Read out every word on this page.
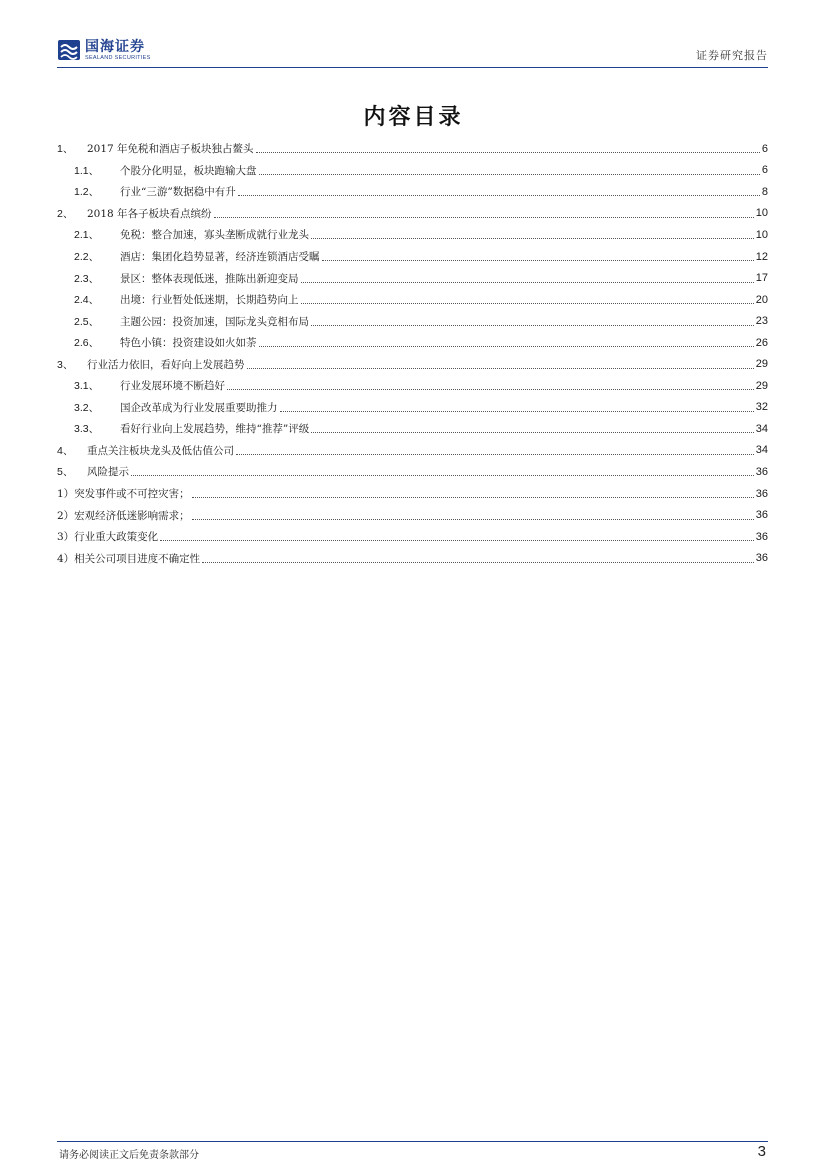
国海证券
SEALAND SECURITIES	证券研究报告
内容目录
1、	2017 年免税和酒店子板块独占鳌头	6
1.1、	个股分化明显，板块跑输大盘	6
1.2、	行业“三游”数据稳中有升	8
2、	2018 年各子板块看点缤纷	10
2.1、	免税：整合加速，寡头垄断成就行业龙头	10
2.2、	酒店：集团化趋势显著，经济连锁酒店受瞩	12
2.3、	景区：整体表现低迷，推陈出新迎变局	17
2.4、	出境：行业暂处低迷期，长期趋势向上	20
2.5、	主题公园：投资加速，国际龙头竞相布局	23
2.6、	特色小镇：投资建设如火如荼	26
3、	行业活力依旧，看好向上发展趋势	29
3.1、	行业发展环境不断趋好	29
3.2、	国企改革成为行业发展重要助推力	32
3.3、	看好行业向上发展趋势，维持“推荐”评级	34
4、	重点关注板块龙头及低估值公司	34
5、	风险提示	36
1）突发事件或不可控灾害；	36
2）宏观经济低迷影响需求；	36
3）行业重大政策变化	36
4）相关公司项目进度不确定性	36
请务必阅读正文后免责条款部分	3
